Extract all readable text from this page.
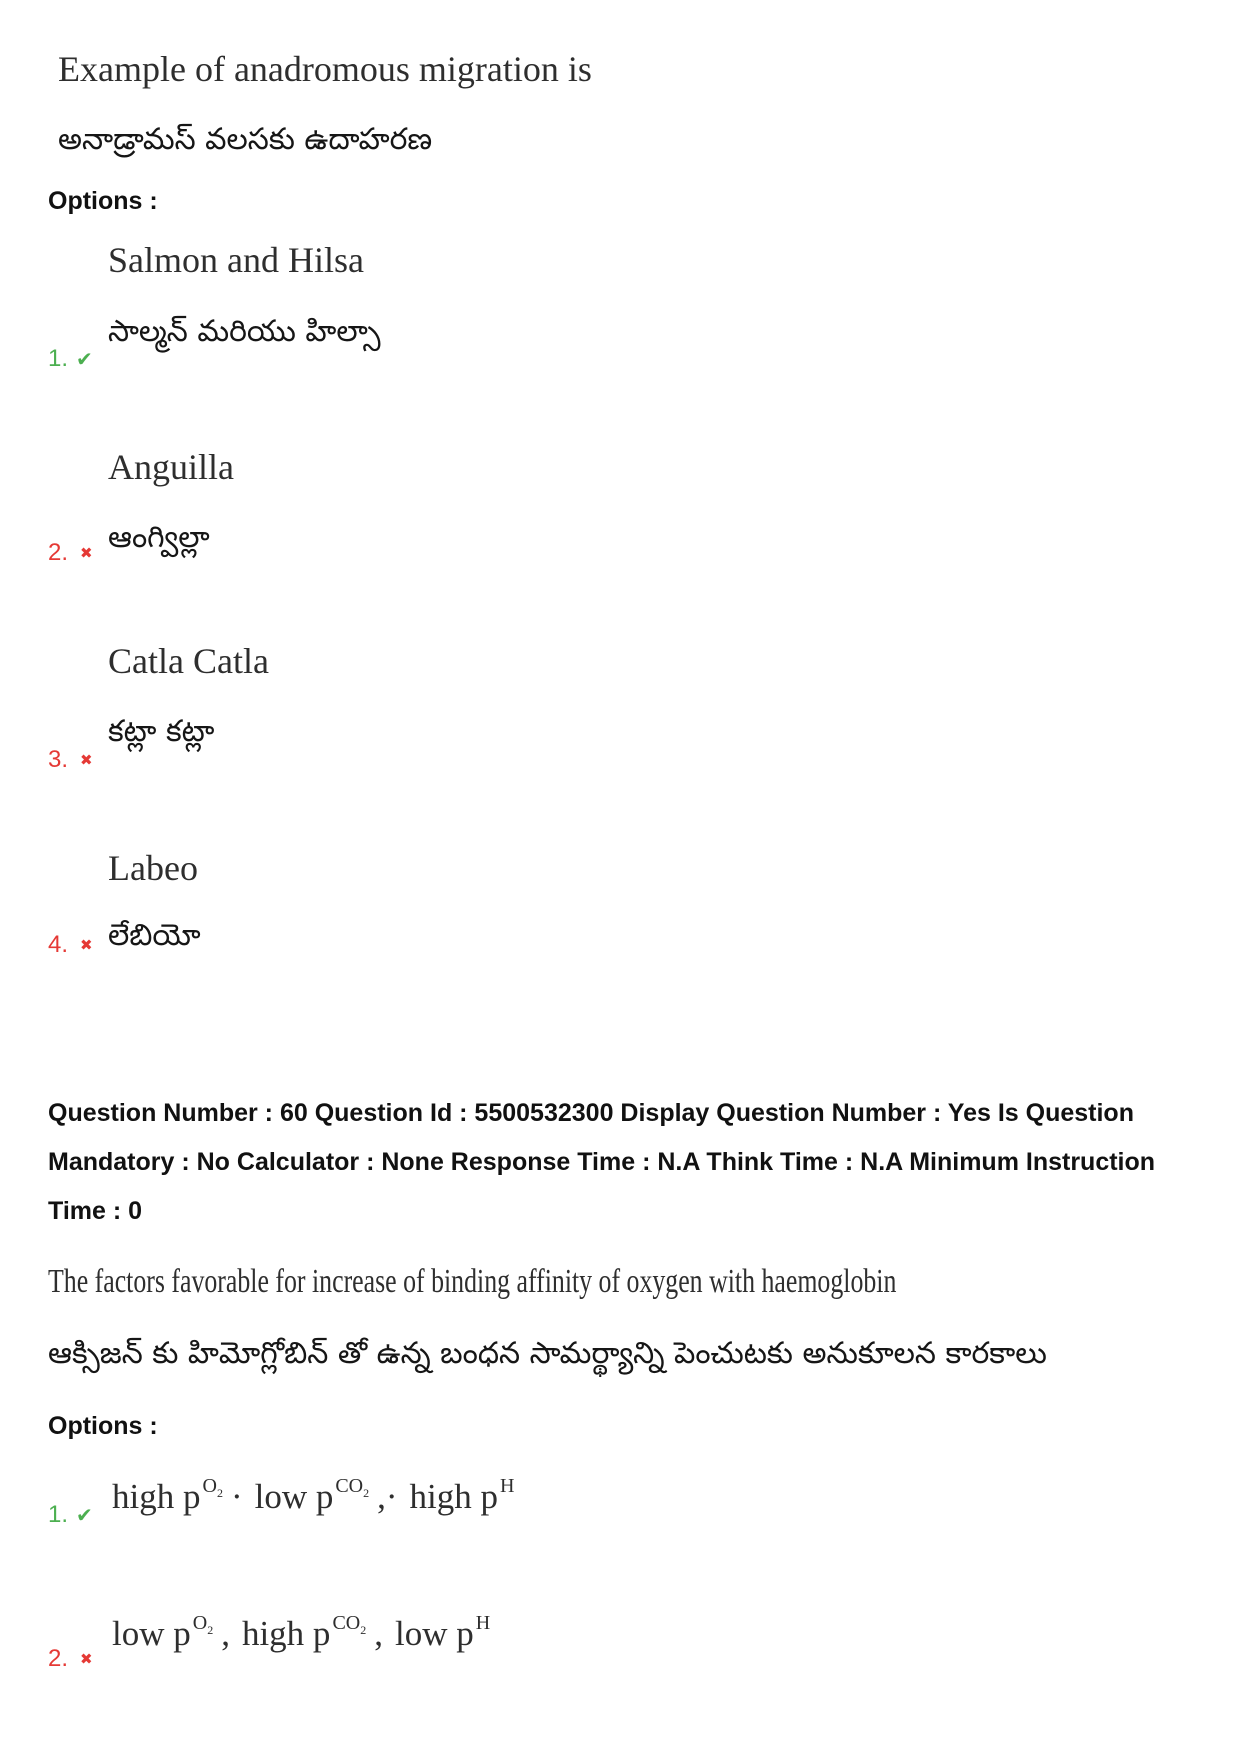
Example of anadromous migration is
అనాడ్రామస్ వలసకు ఉదాహరణ
Options :
Salmon and Hilsa
సాల్మన్ మరియు హిల్సా
1.
✔
Anguilla
ఆంగ్విల్లా
2.
✖
Catla Catla
కట్లా కట్లా
3.
✖
Labeo
లేబియో
4.
✖
Question Number : 60 Question Id : 5500532300 Display Question Number : Yes Is Question
Mandatory : No Calculator : None Response Time : N.A Think Time : N.A Minimum Instruction
Time : 0
The factors favorable for increase of binding affinity of oxygen with haemoglobin
ఆక్సిజన్ కు హిమోగ్లోబిన్ తో ఉన్న బంధన సామర్థ్యాన్ని పెంచుటకు అనుకూలన కారకాలు
Options :
high p $O_2$ · low p $CO_2$ ,· high p H
1.
✔
low p $O_2$ , high p $CO_2$ , low p H
2.
✖
